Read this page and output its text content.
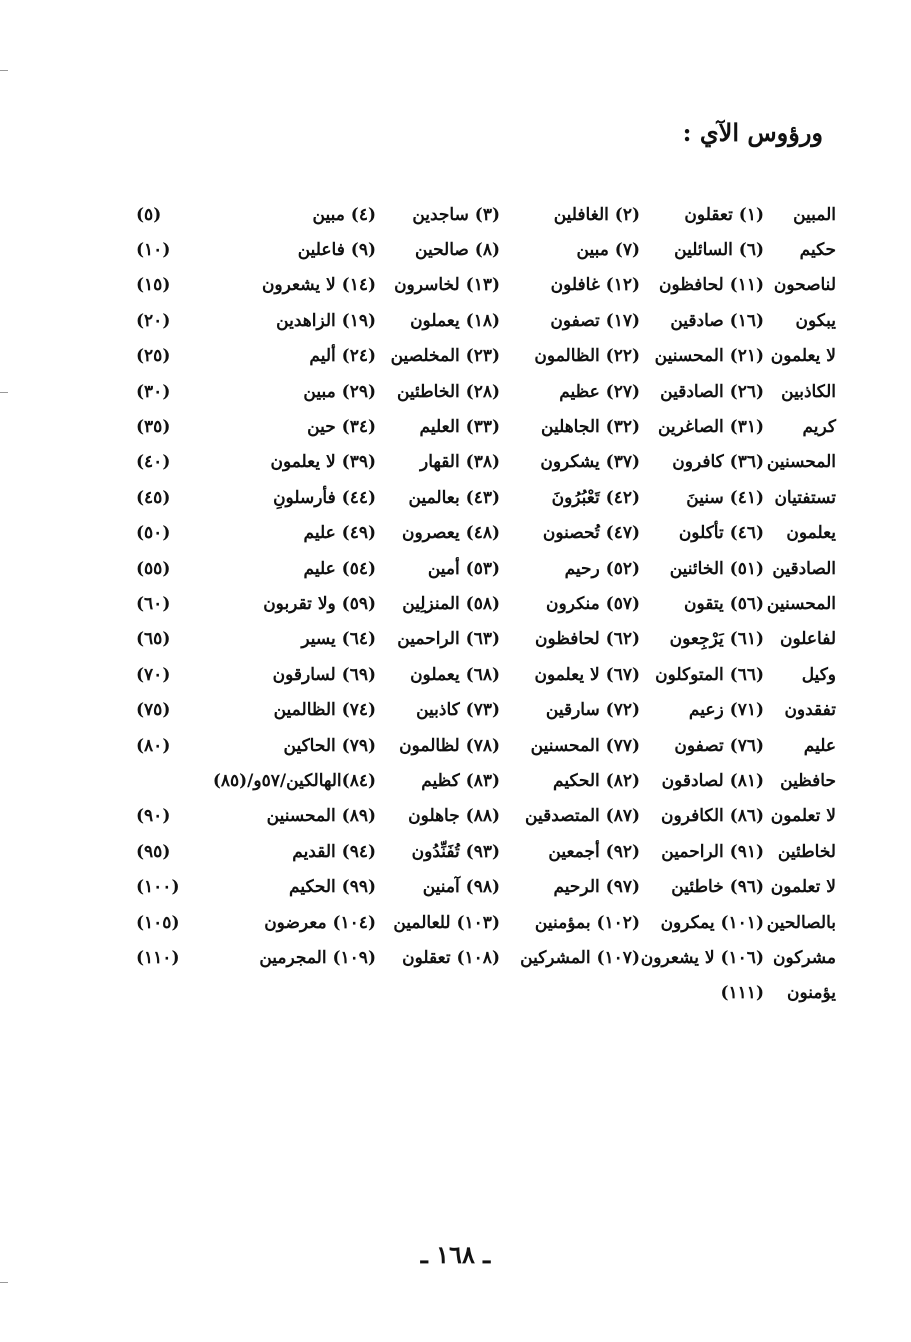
ورؤوس الآي :
المبين
(١) تعقلون
(٢) الغافلين
(٣) ساجدين
(٤) مبين
(٥)
حكيم
(٦) السائلين
(٧) مبين
(٨) صالحين
(٩) فاعلين
(١٠)
لناصحون
(١١) لحافظون
(١٢) غافلون
(١٣) لخاسرون
(١٤) لا يشعرون
(١٥)
يبكون
(١٦) صادقين
(١٧) تصفون
(١٨) يعملون
(١٩) الزاهدين
(٢٠)
لا يعلمون
(٢١) المحسنين
(٢٢) الظالمون
(٢٣) المخلصين
(٢٤) أليم
(٢٥)
الكاذبين
(٢٦) الصادقين
(٢٧) عظيم
(٢٨) الخاطئين
(٢٩) مبين
(٣٠)
كريم
(٣١) الصاغرين
(٣٢) الجاهلين
(٣٣) العليم
(٣٤) حين
(٣٥)
المحسنين
(٣٦) كافرون
(٣٧) يشكرون
(٣٨) القهار
(٣٩) لا يعلمون
(٤٠)
تستفتيان
(٤١) سنينَ
(٤٢) تَعْبُرُونَ
(٤٣) بعالمين
(٤٤) فأرسلونِ
(٤٥)
يعلمون
(٤٦) تأكلون
(٤٧) تُحصنون
(٤٨) يعصرون
(٤٩) عليم
(٥٠)
الصادقين
(٥١) الخائنين
(٥٢) رحيم
(٥٣) أمين
(٥٤) عليم
(٥٥)
المحسنين
(٥٦) يتقون
(٥٧) منكرون
(٥٨) المنزلِين
(٥٩) ولا تقربون
(٦٠)
لفاعلون
(٦١) يَرْجِعون
(٦٢) لحافظون
(٦٣) الراحمين
(٦٤) يسير
(٦٥)
وكيل
(٦٦) المتوكلون
(٦٧) لا يعلمون
(٦٨) يعملون
(٦٩) لسارقون
(٧٠)
تفقدون
(٧١) زعيم
(٧٢) سارقين
(٧٣) كاذبين
(٧٤) الظالمين
(٧٥)
عليم
(٧٦) تصفون
(٧٧) المحسنين
(٧٨) لظالمون
(٧٩) الحاكين
(٨٠)
حافظين
(٨١) لصادقون
(٨٢) الحكيم
(٨٣) كظيم
(٨٤)الهالكين/٥٧و/(٨٥)
لا تعلمون
(٨٦) الكافرون
(٨٧) المتصدقين
(٨٨) جاهلون
(٨٩) المحسنين
(٩٠)
لخاطئين
(٩١) الراحمين
(٩٢) أجمعين
(٩٣) تُفَنِّدُون
(٩٤) القديم
(٩٥)
لا تعلمون
(٩٦) خاطئين
(٩٧) الرحيم
(٩٨) آمنين
(٩٩) الحكيم
(١٠٠)
بالصالحين
(١٠١) يمكرون
(١٠٢) بمؤمنين
(١٠٣) للعالمين
(١٠٤) معرضون
(١٠٥)
مشركون
(١٠٦) لا يشعرون
(١٠٧) المشركين
(١٠٨) تعقلون
(١٠٩) المجرمين
(١١٠)
يؤمنون
(١١١)
ـ ١٦٨ ـ
